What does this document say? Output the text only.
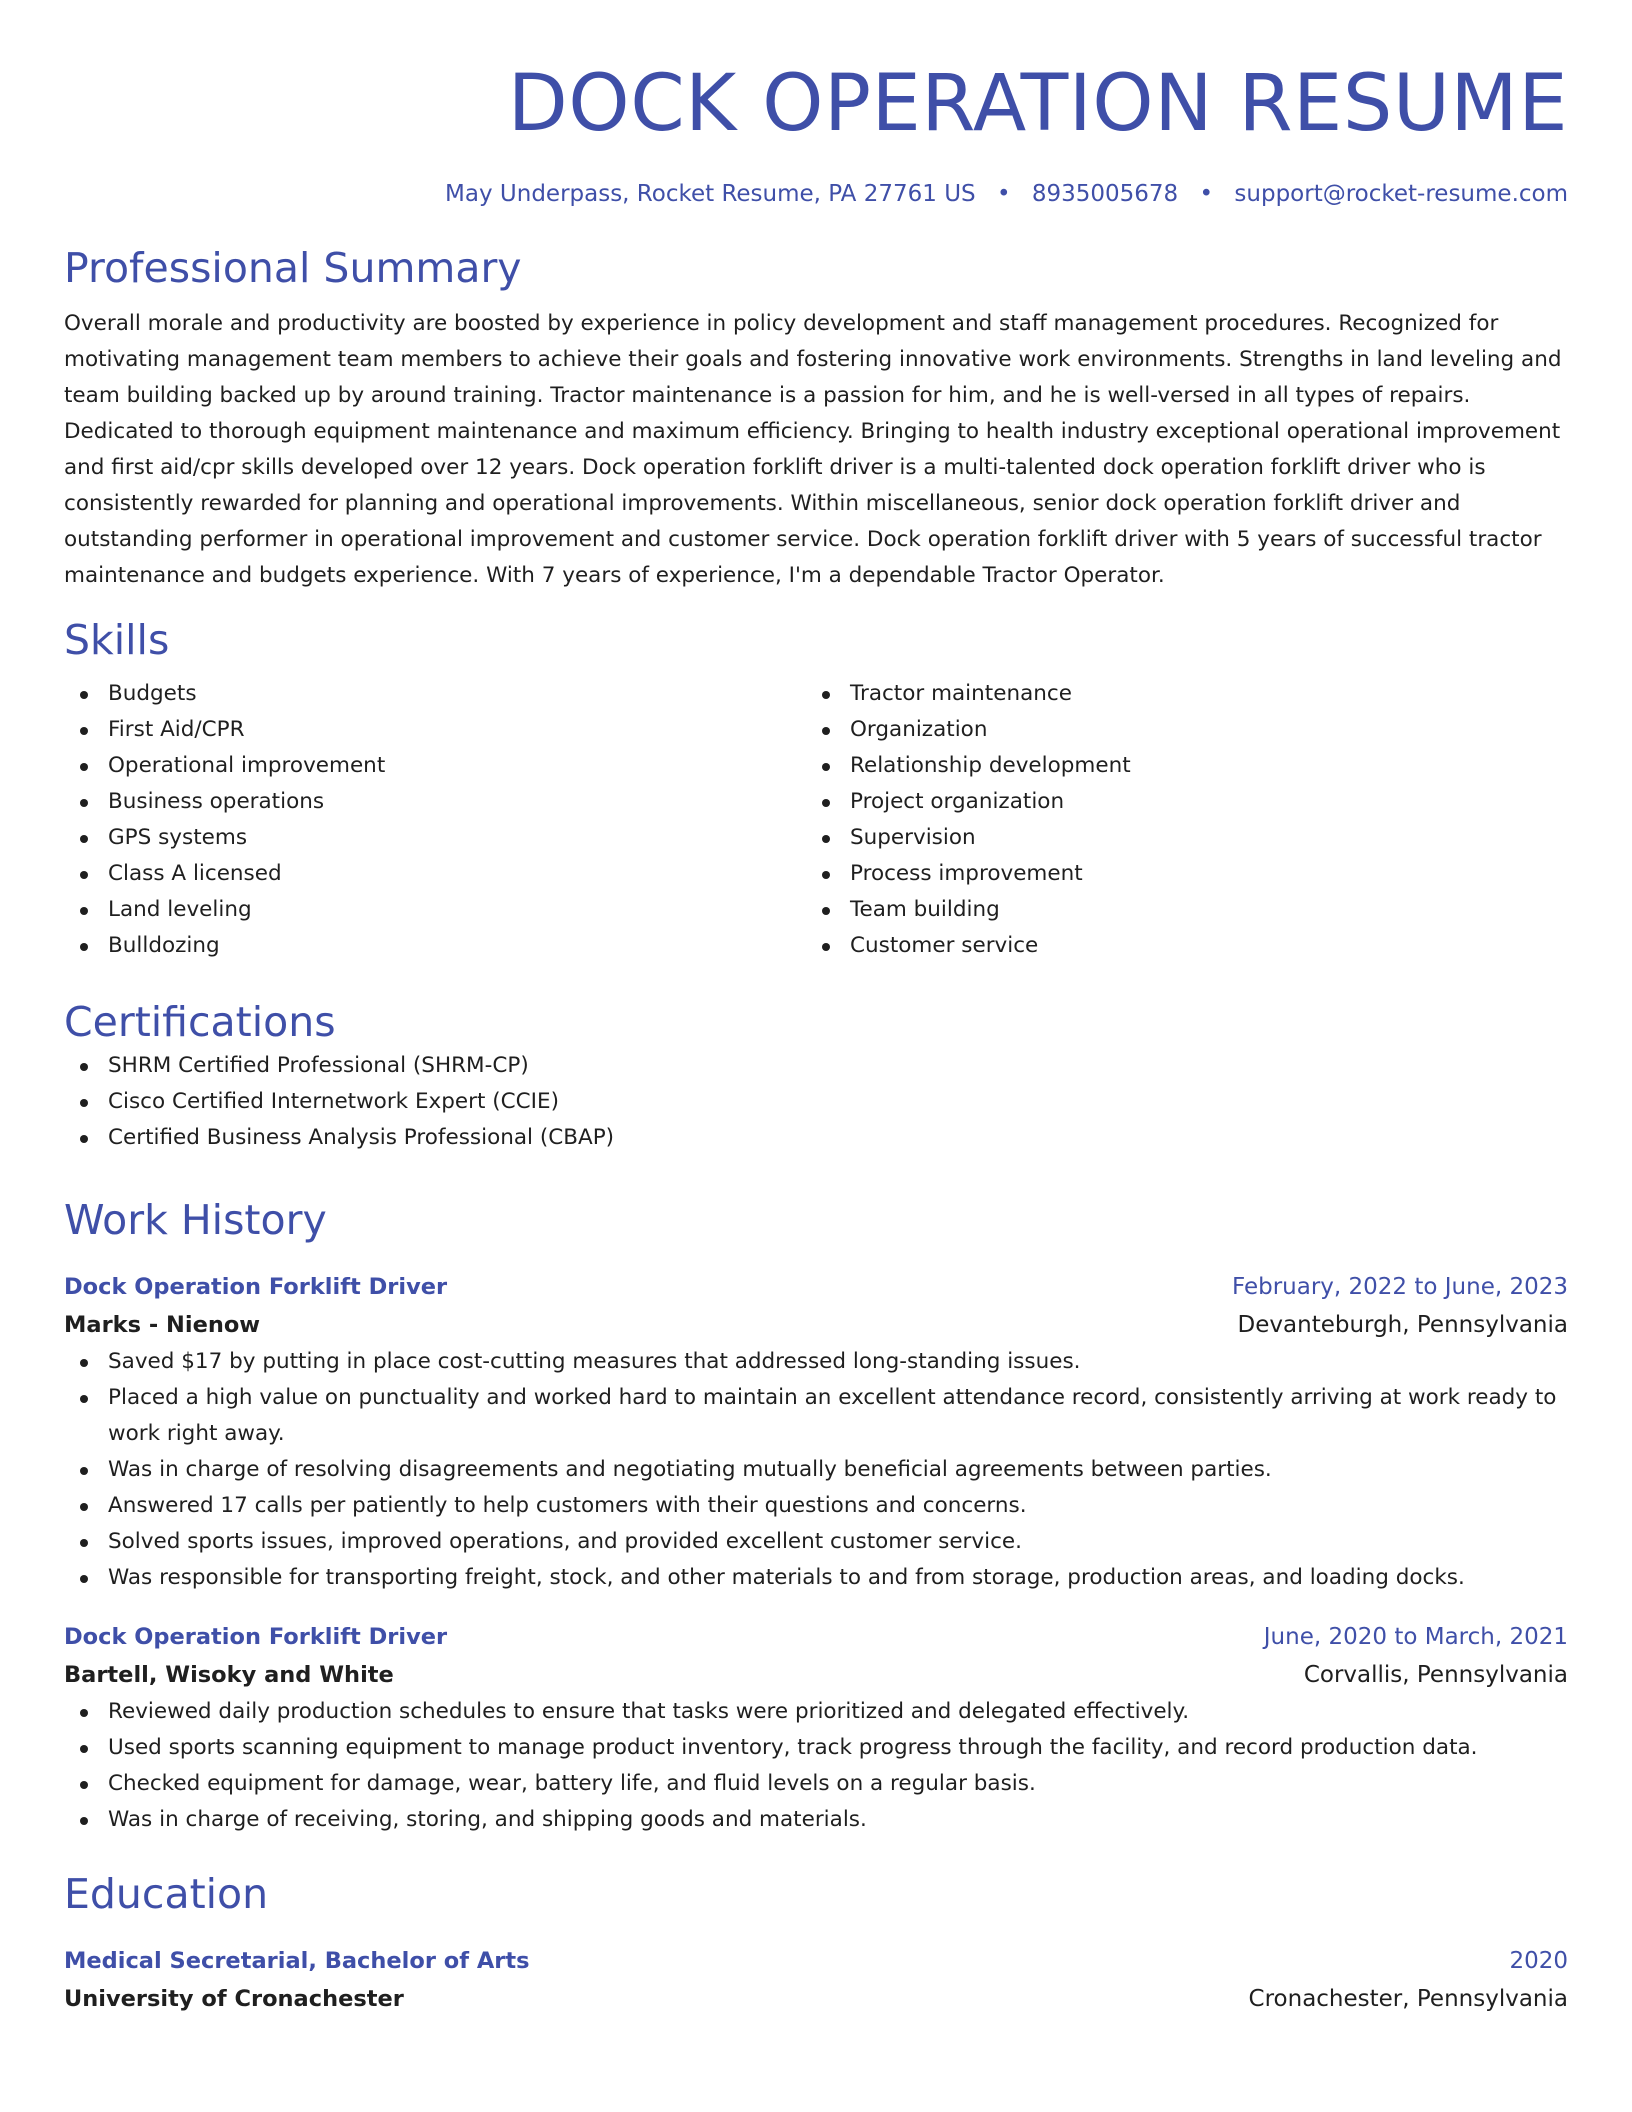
DOCK OPERATION RESUME
May Underpass, Rocket Resume, PA 27761 US • 8935005678 • support@rocket-resume.com
Professional Summary
Overall morale and productivity are boosted by experience in policy development and staff management procedures. Recognized for motivating management team members to achieve their goals and fostering innovative work environments. Strengths in land leveling and team building backed up by around training. Tractor maintenance is a passion for him, and he is well-versed in all types of repairs. Dedicated to thorough equipment maintenance and maximum efficiency. Bringing to health industry exceptional operational improvement and first aid/cpr skills developed over 12 years. Dock operation forklift driver is a multi-talented dock operation forklift driver who is consistently rewarded for planning and operational improvements. Within miscellaneous, senior dock operation forklift driver and outstanding performer in operational improvement and customer service. Dock operation forklift driver with 5 years of successful tractor maintenance and budgets experience. With 7 years of experience, I'm a dependable Tractor Operator.
Skills
Budgets
First Aid/CPR
Operational improvement
Business operations
GPS systems
Class A licensed
Land leveling
Bulldozing
Tractor maintenance
Organization
Relationship development
Project organization
Supervision
Process improvement
Team building
Customer service
Certifications
SHRM Certified Professional (SHRM-CP)
Cisco Certified Internetwork Expert (CCIE)
Certified Business Analysis Professional (CBAP)
Work History
Dock Operation Forklift Driver	February, 2022 to June, 2023
Marks - Nienow	Devanteburgh, Pennsylvania
Saved $17 by putting in place cost-cutting measures that addressed long-standing issues.
Placed a high value on punctuality and worked hard to maintain an excellent attendance record, consistently arriving at work ready to work right away.
Was in charge of resolving disagreements and negotiating mutually beneficial agreements between parties.
Answered 17 calls per patiently to help customers with their questions and concerns.
Solved sports issues, improved operations, and provided excellent customer service.
Was responsible for transporting freight, stock, and other materials to and from storage, production areas, and loading docks.
Dock Operation Forklift Driver	June, 2020 to March, 2021
Bartell, Wisoky and White	Corvallis, Pennsylvania
Reviewed daily production schedules to ensure that tasks were prioritized and delegated effectively.
Used sports scanning equipment to manage product inventory, track progress through the facility, and record production data.
Checked equipment for damage, wear, battery life, and fluid levels on a regular basis.
Was in charge of receiving, storing, and shipping goods and materials.
Education
Medical Secretarial, Bachelor of Arts	2020
University of Cronachester	Cronachester, Pennsylvania
